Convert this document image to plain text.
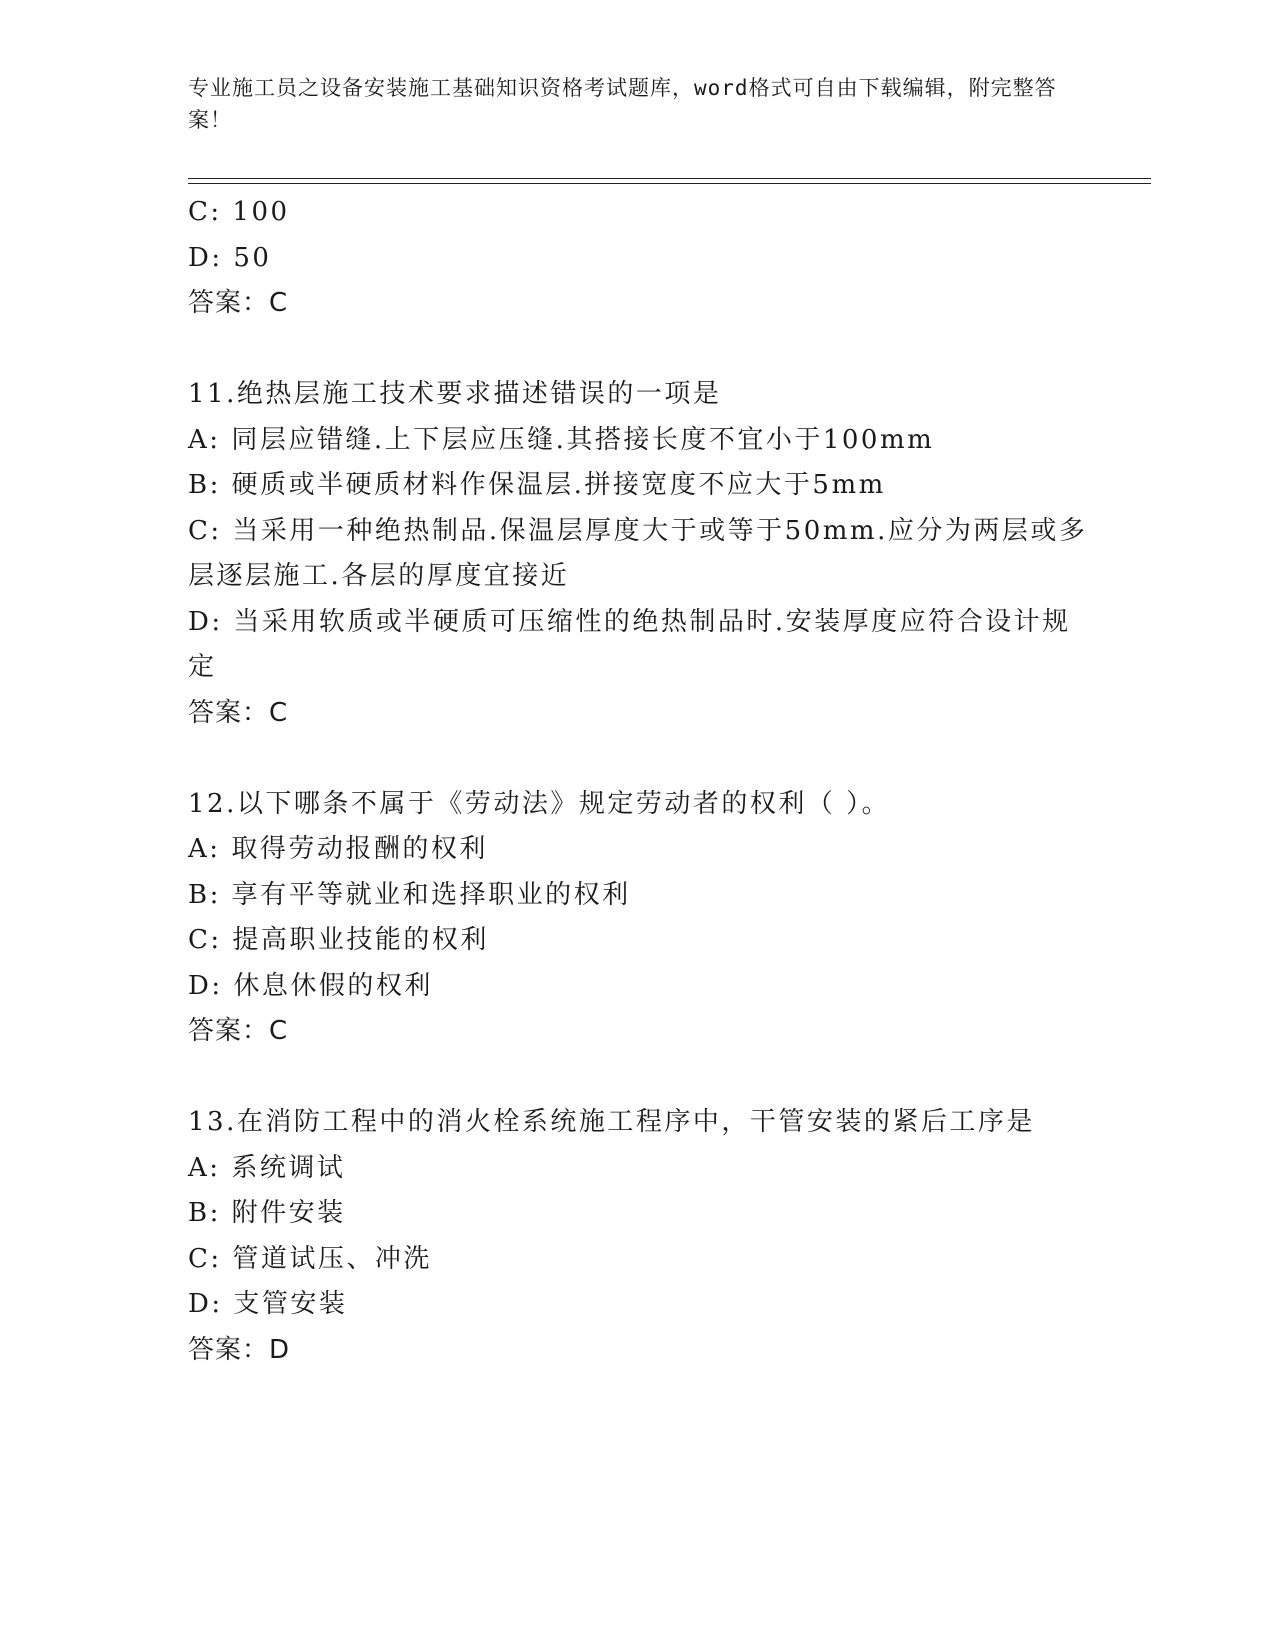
专业施工员之设备安装施工基础知识资格考试题库，word格式可自由下载编辑，附完整答案！
C: 100
D: 50
答案：C
11.绝热层施工技术要求描述错误的一项是
A: 同层应错缝.上下层应压缝.其搭接长度不宜小于100mm
B: 硬质或半硬质材料作保温层.拼接宽度不应大于5mm
C: 当采用一种绝热制品.保温层厚度大于或等于50mm.应分为两层或多层逐层施工.各层的厚度宜接近
D: 当采用软质或半硬质可压缩性的绝热制品时.安装厚度应符合设计规定
答案：C
12.以下哪条不属于《劳动法》规定劳动者的权利（ ）。
A: 取得劳动报酬的权利
B: 享有平等就业和选择职业的权利
C: 提高职业技能的权利
D: 休息休假的权利
答案：C
13.在消防工程中的消火栓系统施工程序中，干管安装的紧后工序是
A: 系统调试
B: 附件安装
C: 管道试压、冲洗
D: 支管安装
答案：D
